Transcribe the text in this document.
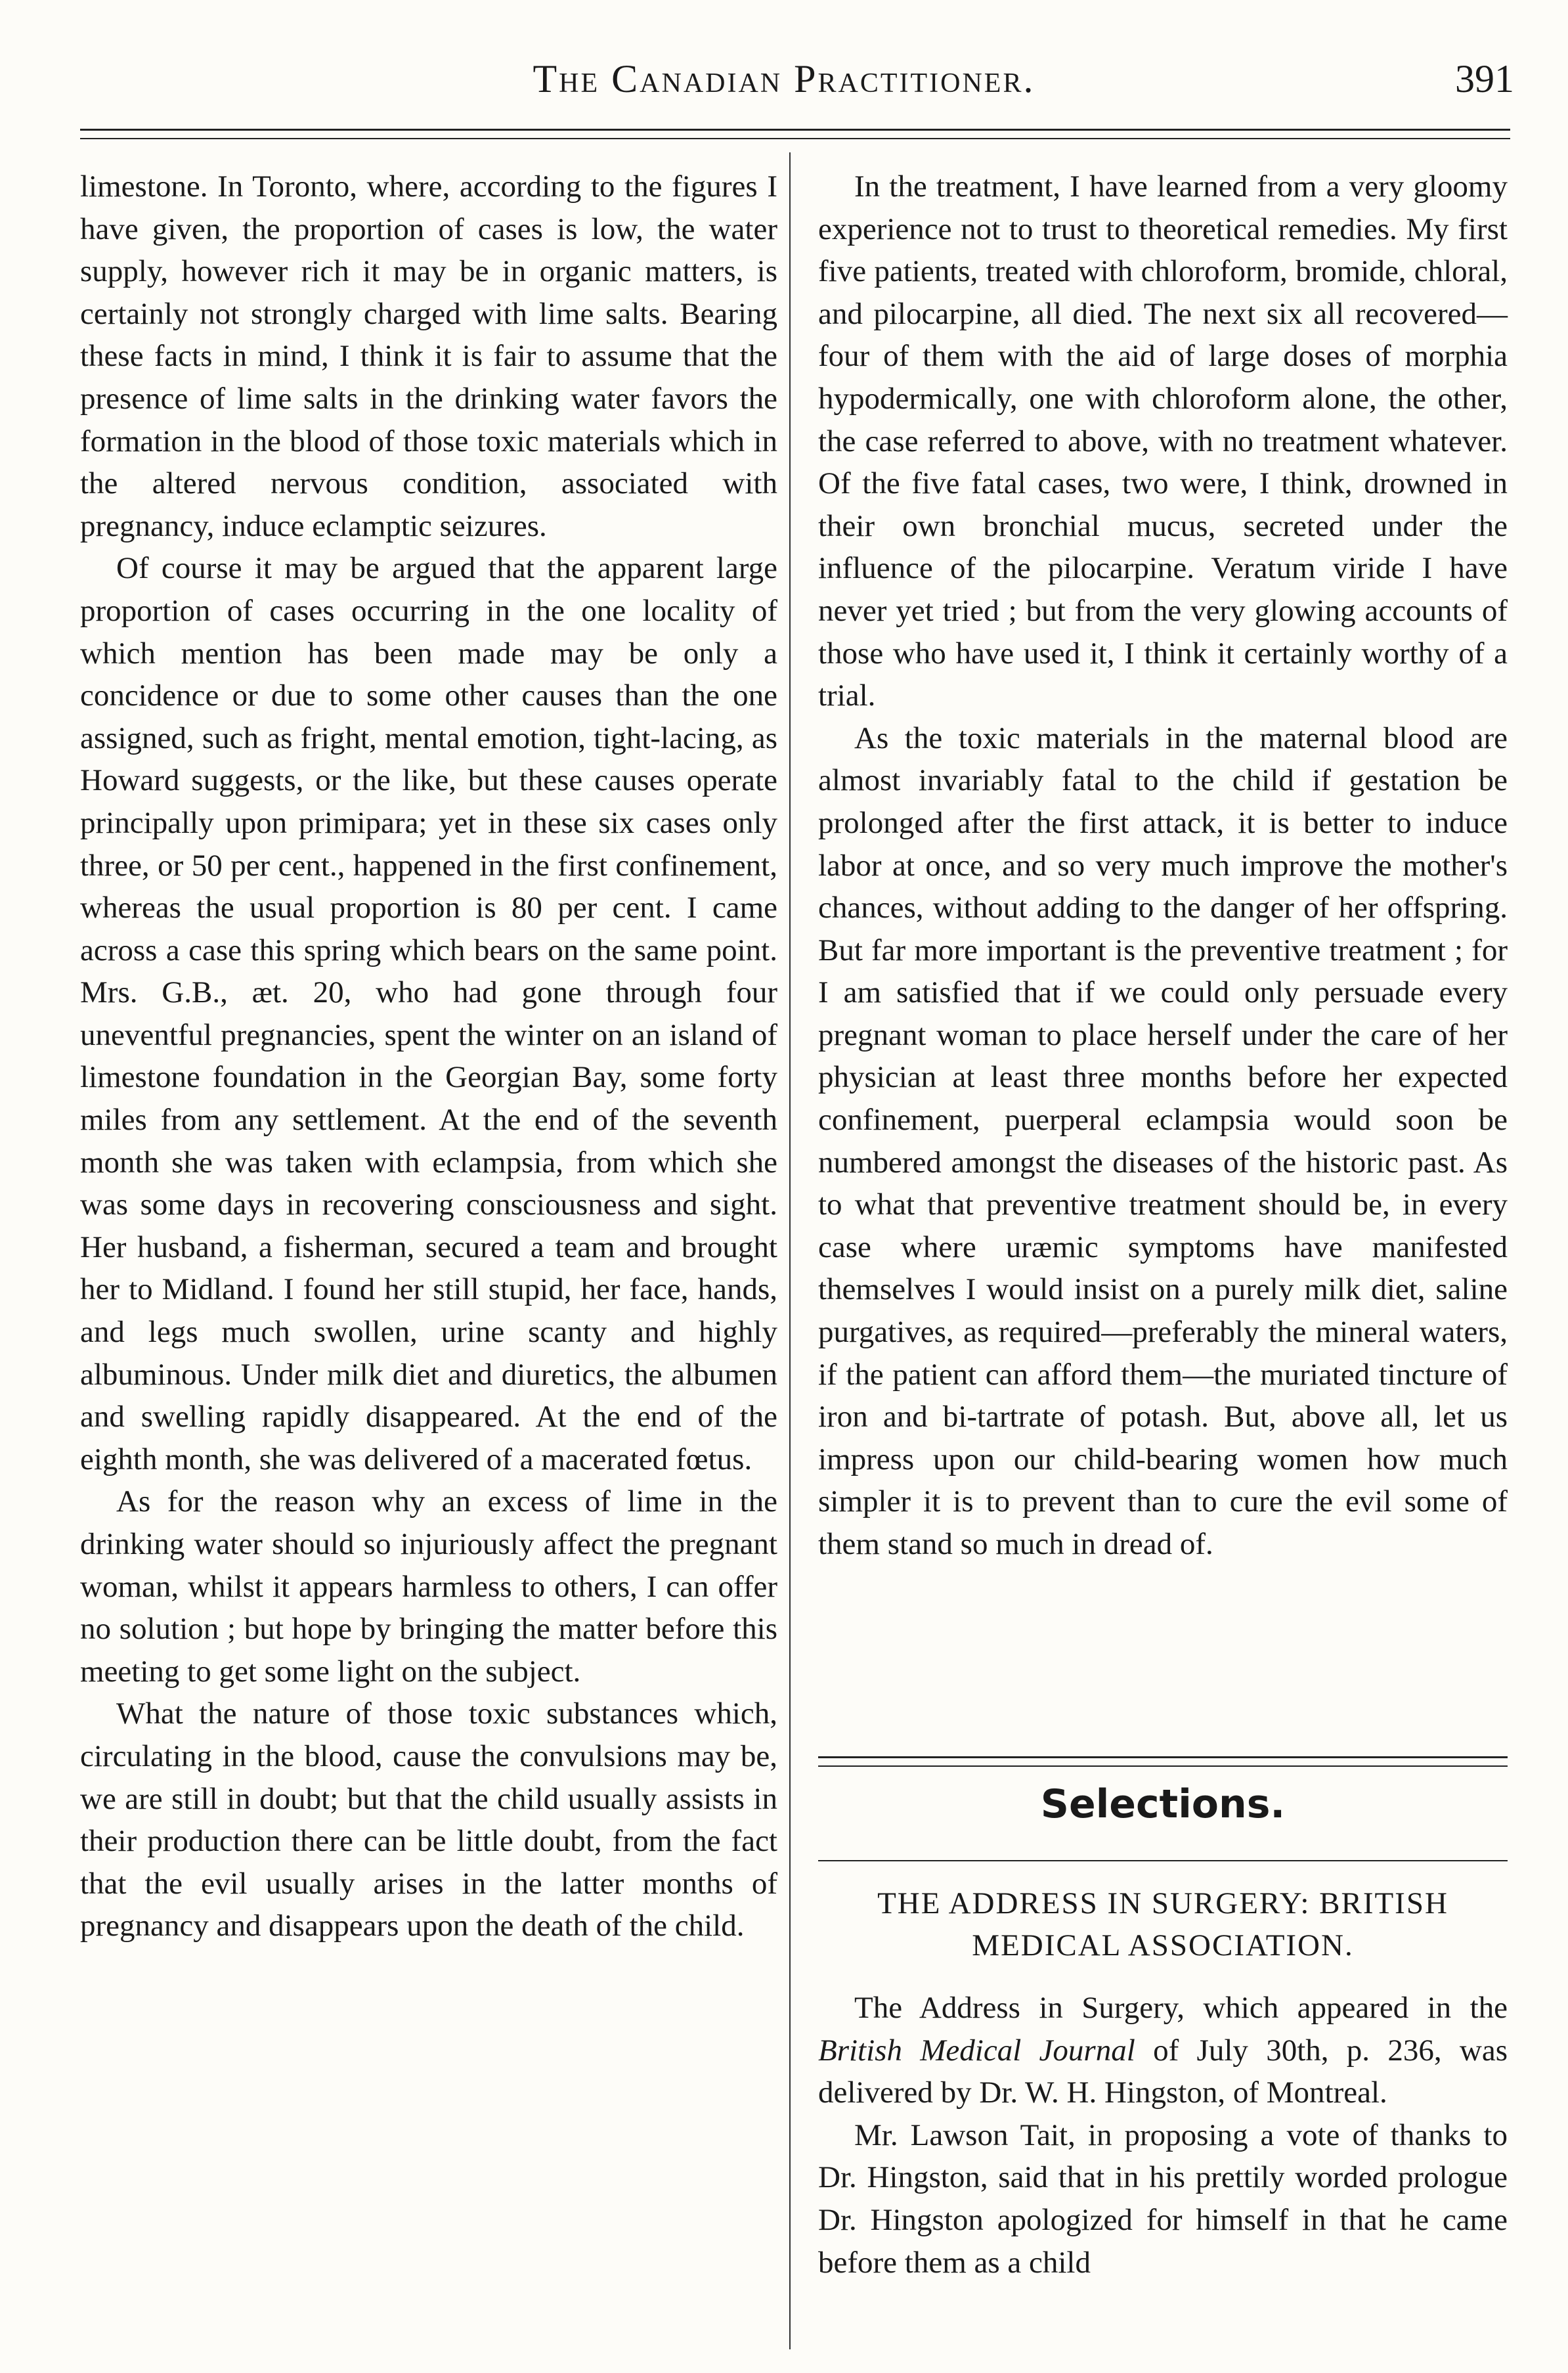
The Canadian Practitioner.	391

limestone. In Toronto, where, according to the figures I have given, the proportion of cases is low, the water supply, however rich it may be in organic matters, is certainly not strongly charged with lime salts. Bearing these facts in mind, I think it is fair to assume that the presence of lime salts in the drinking water favors the formation in the blood of those toxic materials which in the altered nervous condition, associated with pregnancy, induce eclamptic seizures.

Of course it may be argued that the apparent large proportion of cases occurring in the one locality of which mention has been made may be only a concidence or due to some other causes than the one assigned, such as fright, mental emotion, tight-lacing, as Howard suggests, or the like, but these causes operate principally upon primipara; yet in these six cases only three, or 50 per cent., happened in the first confinement, whereas the usual proportion is 80 per cent. I came across a case this spring which bears on the same point. Mrs. G.B., æt. 20, who had gone through four uneventful pregnancies, spent the winter on an island of limestone foundation in the Georgian Bay, some forty miles from any settlement. At the end of the seventh month she was taken with eclampsia, from which she was some days in recovering consciousness and sight. Her husband, a fisherman, secured a team and brought her to Midland. I found her still stupid, her face, hands, and legs much swollen, urine scanty and highly albuminous. Under milk diet and diuretics, the albumen and swelling rapidly disappeared. At the end of the eighth month, she was delivered of a macerated fœtus.

As for the reason why an excess of lime in the drinking water should so injuriously affect the pregnant woman, whilst it appears harmless to others, I can offer no solution ; but hope by bringing the matter before this meeting to get some light on the subject.

What the nature of those toxic substances which, circulating in the blood, cause the convulsions may be, we are still in doubt; but that the child usually assists in their production there can be little doubt, from the fact that the evil usually arises in the latter months of pregnancy and disappears upon the death of the child.

In the treatment, I have learned from a very gloomy experience not to trust to theoretical remedies. My first five patients, treated with chloroform, bromide, chloral, and pilocarpine, all died. The next six all recovered—four of them with the aid of large doses of morphia hypodermically, one with chloroform alone, the other, the case referred to above, with no treatment whatever. Of the five fatal cases, two were, I think, drowned in their own bronchial mucus, secreted under the influence of the pilocarpine. Veratum viride I have never yet tried ; but from the very glowing accounts of those who have used it, I think it certainly worthy of a trial.

As the toxic materials in the maternal blood are almost invariably fatal to the child if gestation be prolonged after the first attack, it is better to induce labor at once, and so very much improve the mother's chances, without adding to the danger of her offspring. But far more important is the preventive treatment ; for I am satisfied that if we could only persuade every pregnant woman to place herself under the care of her physician at least three months before her expected confinement, puerperal eclampsia would soon be numbered amongst the diseases of the historic past. As to what that preventive treatment should be, in every case where uræmic symptoms have manifested themselves I would insist on a purely milk diet, saline purgatives, as required—preferably the mineral waters, if the patient can afford them—the muriated tincture of iron and bi-tartrate of potash. But, above all, let us impress upon our child-bearing women how much simpler it is to prevent than to cure the evil some of them stand so much in dread of.

Selections.
THE ADDRESS IN SURGERY: BRITISH MEDICAL ASSOCIATION.

The Address in Surgery, which appeared in the British Medical Journal of July 30th, p. 236, was delivered by Dr. W. H. Hingston, of Montreal.

Mr. Lawson Tait, in proposing a vote of thanks to Dr. Hingston, said that in his prettily worded prologue Dr. Hingston apologized for himself in that he came before them as a child
